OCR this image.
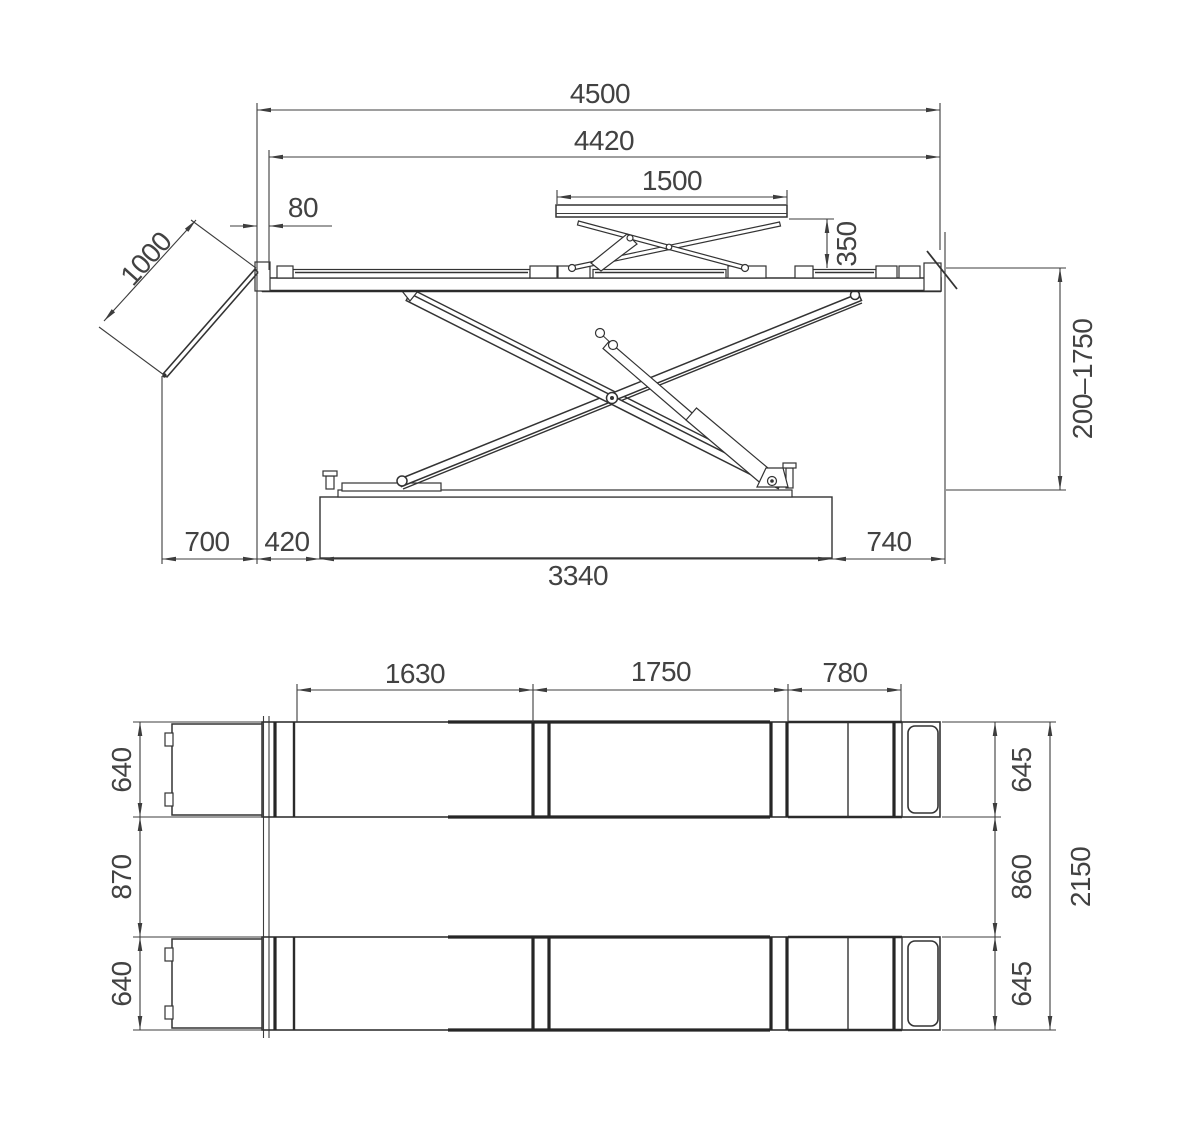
4500
4420
1500
80
350
1000
200–1750
700 420
3340
740
1630	1750	780
640
870
640
645
860
645
2150
